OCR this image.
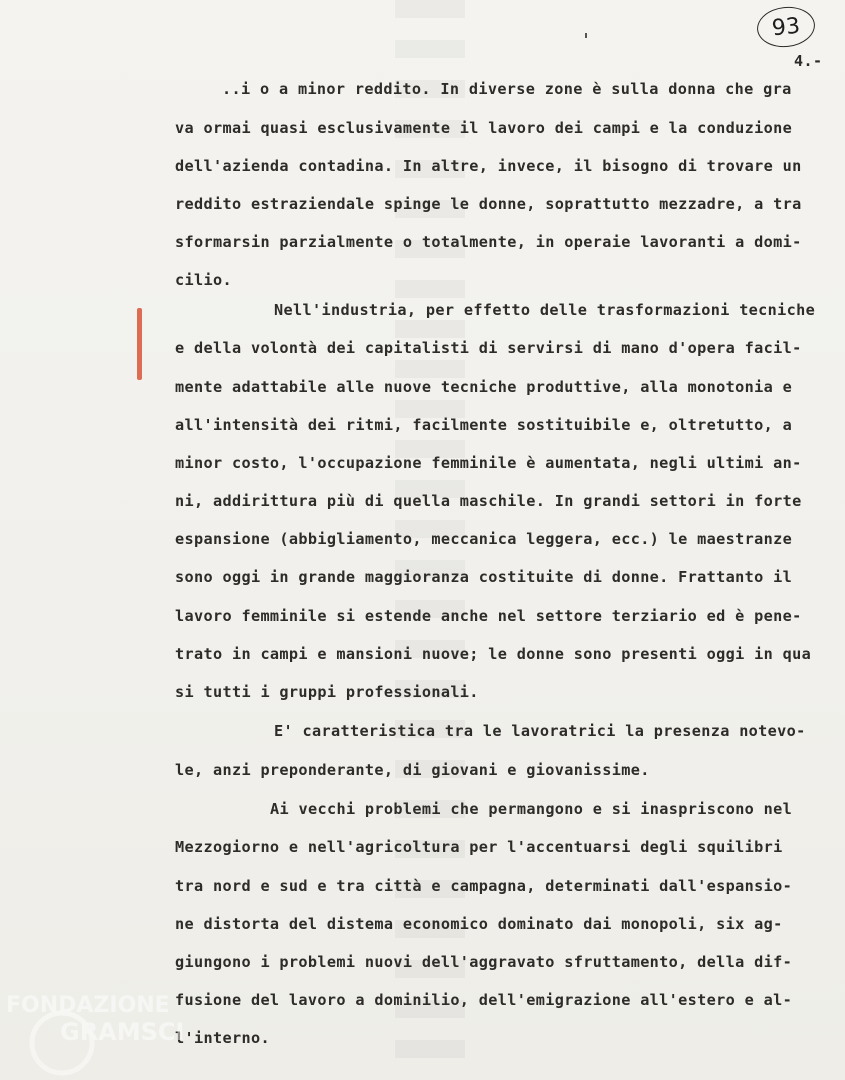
93
4.-
..i o a minor reddito. In diverse zone è sulla donna che gra
va ormai quasi esclusivamente il lavoro dei campi e la conduzione
dell'azienda contadina. In altre, invece, il bisogno di trovare un
reddito estraziendale spinge le donne, soprattutto mezzadre, a tra
sformarsin parzialmente o totalmente, in operaie lavoranti a domi-
cilio.
Nell'industria, per effetto delle trasformazioni tecniche
e della volontà dei capitalisti di servirsi di mano d'opera facil-
mente adattabile alle nuove tecniche produttive, alla monotonia e
all'intensità dei ritmi, facilmente sostituibile e, oltretutto, a
minor costo, l'occupazione femminile è aumentata, negli ultimi an-
ni, addirittura più di quella maschile. In grandi settori in forte
espansione (abbigliamento, meccanica leggera, ecc.) le maestranze
sono oggi in grande maggioranza costituite di donne. Frattanto il
lavoro femminile si estende anche nel settore terziario ed è pene-
trato in campi e mansioni nuove; le donne sono presenti oggi in qua
si tutti i gruppi professionali.
E' caratteristica tra le lavoratrici la presenza notevo-
le, anzi preponderante, di giovani e giovanissime.
Ai vecchi problemi che permangono e si inaspriscono nel
Mezzogiorno e nell'agricoltura per l'accentuarsi degli squilibri
tra nord e sud e tra città e campagna, determinati dall'espansio-
ne distorta del distema economico dominato dai monopoli, six ag-
giungono i problemi nuovi dell'aggravato sfruttamento, della dif-
fusione del lavoro a dominilio, dell'emigrazione all'estero e al-
l'interno.
FONDAZIONE
GRAMSCI
